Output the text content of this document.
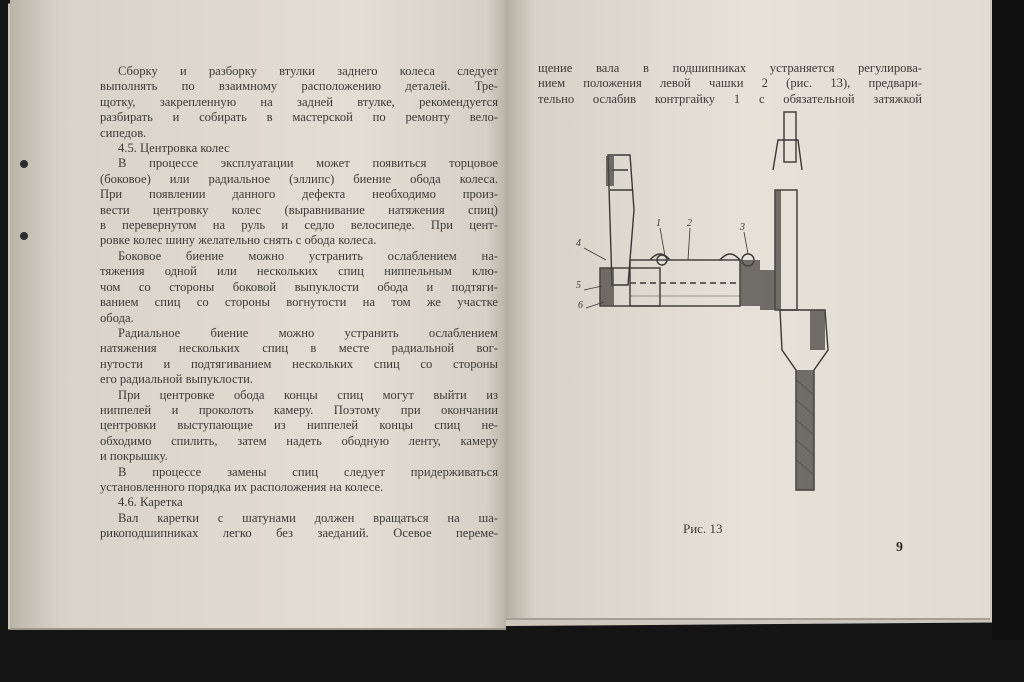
Сборку и разборку втулки заднего колеса следует

выполнять по взаимному расположению деталей. Тре-

щотку, закрепленную на задней втулке, рекомендуется

разбирать и собирать в мастерской по ремонту вело-

сипедов.

4.5. Центровка колес

В процессе эксплуатации может появиться торцовое

(боковое) или радиальное (эллипс) биение обода колеса.

При появлении данного дефекта необходимо произ-

вести центровку колес (выравнивание натяжения спиц)

в перевернутом на руль и седло велосипеде. При цент-

ровке колес шину желательно снять с обода колеса.

Боковое биение можно устранить ослаблением на-

тяжения одной или нескольких спиц ниппельным клю-

чом со стороны боковой выпуклости обода и подтяги-

ванием спиц со стороны вогнутости на том же участке

обода.

Радиальное биение можно устранить ослаблением

натяжения нескольких спиц в месте радиальной вог-

нутости и подтягиванием нескольких спиц со стороны

его радиальной выпуклости.

При центровке обода концы спиц могут выйти из

ниппелей и проколоть камеру. Поэтому при окончании

центровки выступающие из ниппелей концы спиц не-

обходимо спилить, затем надеть ободную ленту, камеру

и покрышку.

В процессе замены спиц следует придерживаться

установленного порядка их расположения на колесе.

4.6. Каретка

Вал каретки с шатунами должен вращаться на ша-

рикоподшипниках легко без заеданий. Осевое переме-

щение вала в подшипниках устраняется регулирова-

нием положения левой чашки 2 (рис. 13), предвари-

тельно ослабив контргайку 1 с обязательной затяжкой

1	2	3
4
5
6
Рис. 13
9
